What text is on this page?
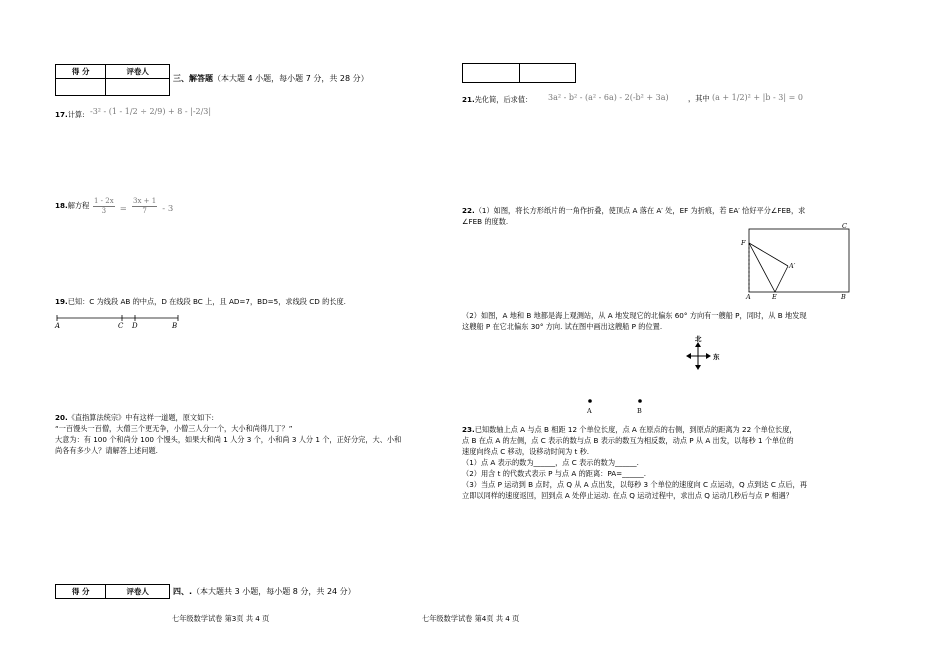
得 分	评卷人

三、解答题（本大题 4 小题，每小题 7 分，共 28 分）
17.计算: -3² - (1 - 1/2 ÷ 2/9) + 8 - |-2/3|
18.解方程 $\frac{1 - 2x}{3} = \frac{3x + 1}{7} - 3$
19.已知：C 为线段 AB 的中点，D 在线段 BC 上，且 AD=7，BD=5，求线段 CD 的长度.
A	C D	B
20.《直指算法统宗》中有这样一道题，原文如下:
“一百馒头一百僧，大僧三个更无争，小僧三人分一个，大小和尚得几丁？”
大意为：有 100 个和尚分 100 个馒头，如果大和尚 1 人分 3 个，小和尚 3 人分 1 个，正好分完，大、小和
尚各有多少人？请解答上述问题.
得 分	评卷人	四、.（本大题共 3 小题，每小题 8 分，共 24 分）
七年级数学试卷 第3页 共 4 页

21.先化简，后求值： 3a² - b² - (a² - 6a) - 2(-b² + 3a)	，其中 (a + 1/2)² + |b - 3| = 0
22.（1）如图，将长方形纸片的一角作折叠，使顶点 A 落在 A′ 处，EF 为折痕，若 EA′ 恰好平分∠FEB，求
∠FEB 的度数.
F
C
A′
A	E	B
（2）如图，A 地和 B 地都是海上观测站，从 A 地发现它的北偏东 60° 方向有一艘船 P，同时，从 B 地发现
这艘船 P 在它北偏东 30° 方向. 试在图中画出这艘船 P 的位置.
北
东
A	B
23.已知数轴上点 A 与点 B 相距 12 个单位长度，点 A 在原点的右侧，到原点的距离为 22 个单位长度，
点 B 在点 A 的左侧，点 C 表示的数与点 B 表示的数互为相反数，动点 P 从 A 出发，以每秒 1 个单位的
速度向终点 C 移动，设移动时间为 t 秒.
（1）点 A 表示的数为______，点 C 表示的数为______.
（2）用含 t 的代数式表示 P 与点 A 的距离：PA=______.
（3）当点 P 运动到 B 点时，点 Q 从 A 点出发，以每秒 3 个单位的速度向 C 点运动，Q 点到达 C 点后，再
立即以同样的速度返回，回到点 A 处停止运动. 在点 Q 运动过程中，求出点 Q 运动几秒后与点 P 相遇？
七年级数学试卷 第4页 共 4 页
